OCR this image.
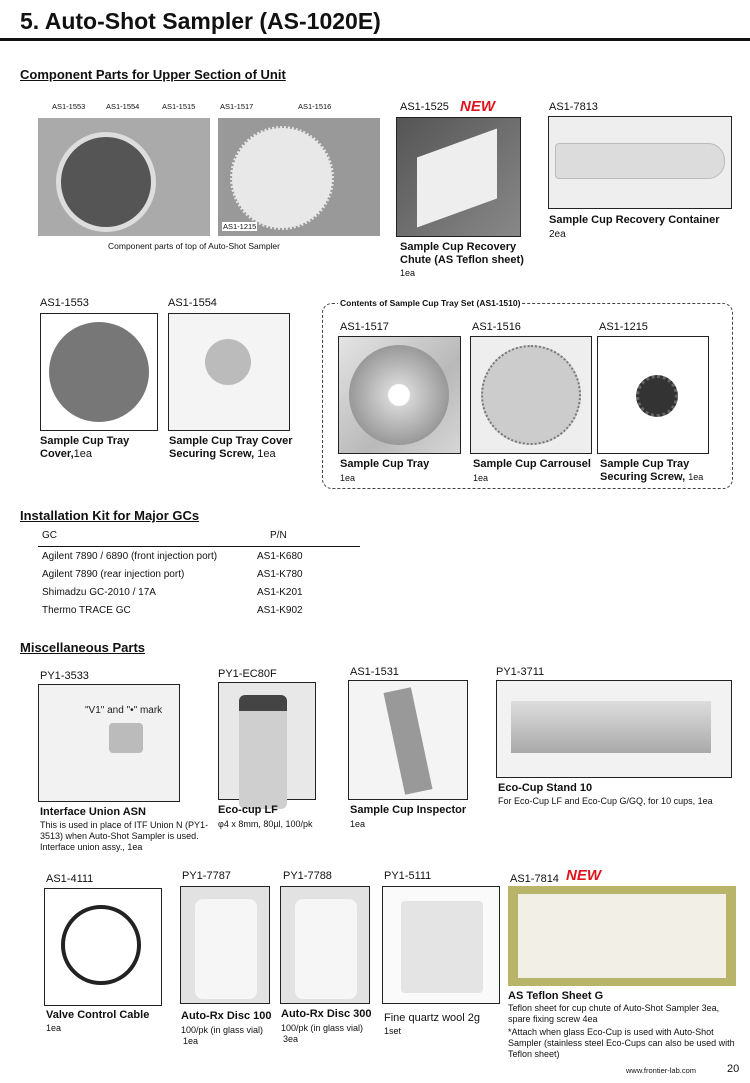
5. Auto-Shot Sampler (AS-1020E)
Component Parts for Upper Section of Unit
AS1-1553	AS1-1554	AS1-1515	AS1-1517	AS1-1516
AS1-1215
Component parts of top of Auto-Shot Sampler
AS1-1525 NEW
Sample Cup Recovery Chute (AS Teflon sheet)
1ea
AS1-7813
Sample Cup Recovery Container
2ea
AS1-1553
Sample Cup Tray Cover,1ea
AS1-1554
Sample Cup Tray Cover Securing Screw, 1ea
Contents of Sample Cup Tray Set (AS1-1510)
AS1-1517
Sample Cup Tray
1ea
AS1-1516
Sample Cup Carrousel
1ea
AS1-1215
Sample Cup Tray Securing Screw, 1ea
Installation Kit for Major GCs
GC	P/N
Agilent 7890 / 6890 (front injection port)	AS1-K680
Agilent 7890 (rear injection port)	AS1-K780
Shimadzu GC-2010 / 17A	AS1-K201
Thermo TRACE GC	AS1-K902
Miscellaneous Parts
PY1-3533
"V1" and "•" mark
Interface Union ASN
This is used in place of ITF Union N (PY1-3513) when Auto-Shot Sampler is used. Interface union assy., 1ea
PY1-EC80F
Eco-cup LF
φ4 x 8mm, 80µl, 100/pk
AS1-1531
Sample Cup Inspector
1ea
PY1-3711
Eco-Cup Stand 10
For Eco-Cup LF and Eco-Cup G/GQ, for 10 cups, 1ea
AS1-4111
Valve Control Cable
1ea
PY1-7787
Auto-Rx Disc 100
100/pk (in glass vial)
1ea
PY1-7788
Auto-Rx Disc 300
100/pk (in glass vial)
3ea
PY1-5111
Fine quartz wool 2g
1set
AS1-7814 NEW
AS Teflon Sheet G
Teflon sheet for cup chute of Auto-Shot Sampler 3ea, spare fixing screw 4ea
*Attach when glass Eco-Cup is used with Auto-Shot Sampler (stainless steel Eco-Cups can also be used with Teflon sheet)
www.frontier-lab.com	20
